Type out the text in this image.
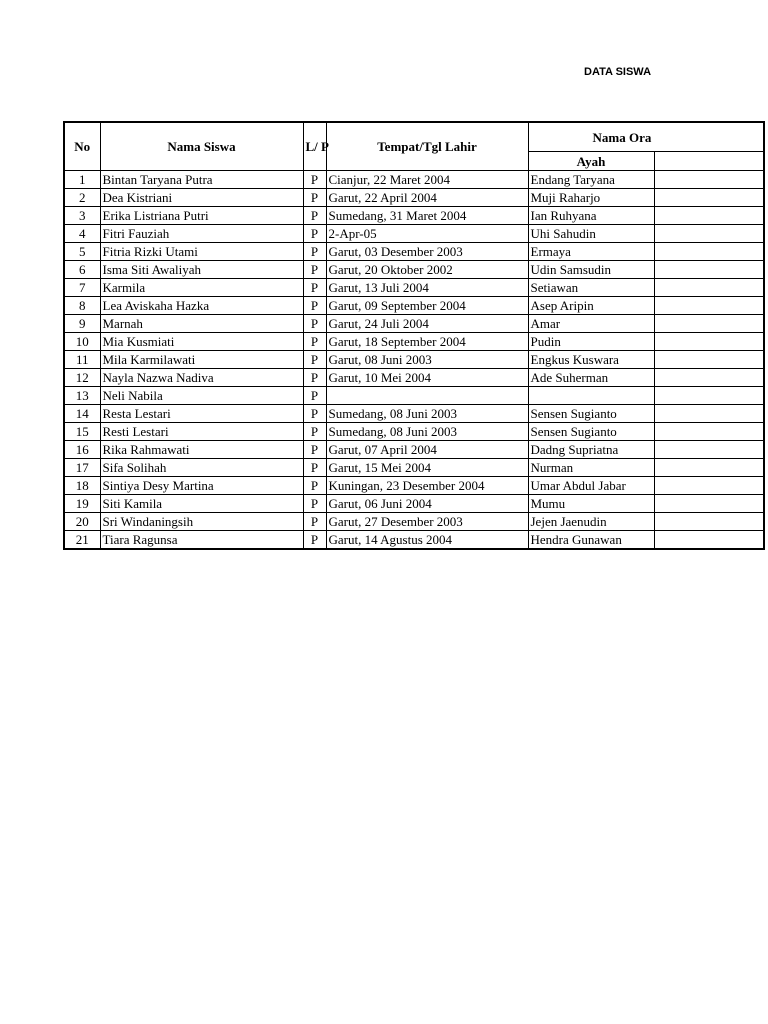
DATA SISWA
No	Nama Siswa	L/ P	Tempat/Tgl Lahir	Nama Ora	
				Ayah	
1	Bintan Taryana Putra	P	Cianjur, 22 Maret 2004	Endang Taryana	
2	Dea Kistriani	P	Garut, 22 April 2004	Muji Raharjo	
3	Erika Listriana Putri	P	Sumedang, 31 Maret 2004	Ian Ruhyana	
4	Fitri Fauziah	P	2-Apr-05	Uhi Sahudin	
5	Fitria Rizki Utami	P	Garut, 03 Desember 2003	Ermaya	
6	Isma Siti Awaliyah	P	Garut, 20 Oktober 2002	Udin Samsudin	
7	Karmila	P	Garut, 13 Juli 2004	Setiawan	
8	Lea Aviskaha Hazka	P	Garut, 09 September 2004	Asep Aripin	
9	Marnah	P	Garut, 24 Juli 2004	Amar	
10	Mia Kusmiati	P	Garut, 18 September 2004	Pudin	
11	Mila Karmilawati	P	Garut, 08 Juni 2003	Engkus Kuswara	
12	Nayla Nazwa Nadiva	P	Garut, 10 Mei 2004	Ade Suherman	
13	Neli Nabila	P			
14	Resta Lestari	P	Sumedang, 08 Juni 2003	Sensen Sugianto	
15	Resti Lestari	P	Sumedang, 08 Juni 2003	Sensen Sugianto	
16	Rika Rahmawati	P	Garut, 07 April 2004	Dadng Supriatna	
17	Sifa Solihah	P	Garut, 15 Mei 2004	Nurman	
18	Sintiya Desy Martina	P	Kuningan, 23 Desember 2004	Umar Abdul Jabar	
19	Siti Kamila	P	Garut, 06 Juni 2004	Mumu	
20	Sri Windaningsih	P	Garut, 27 Desember 2003	Jejen Jaenudin	
21	Tiara Ragunsa	P	Garut, 14 Agustus 2004	Hendra Gunawan	
